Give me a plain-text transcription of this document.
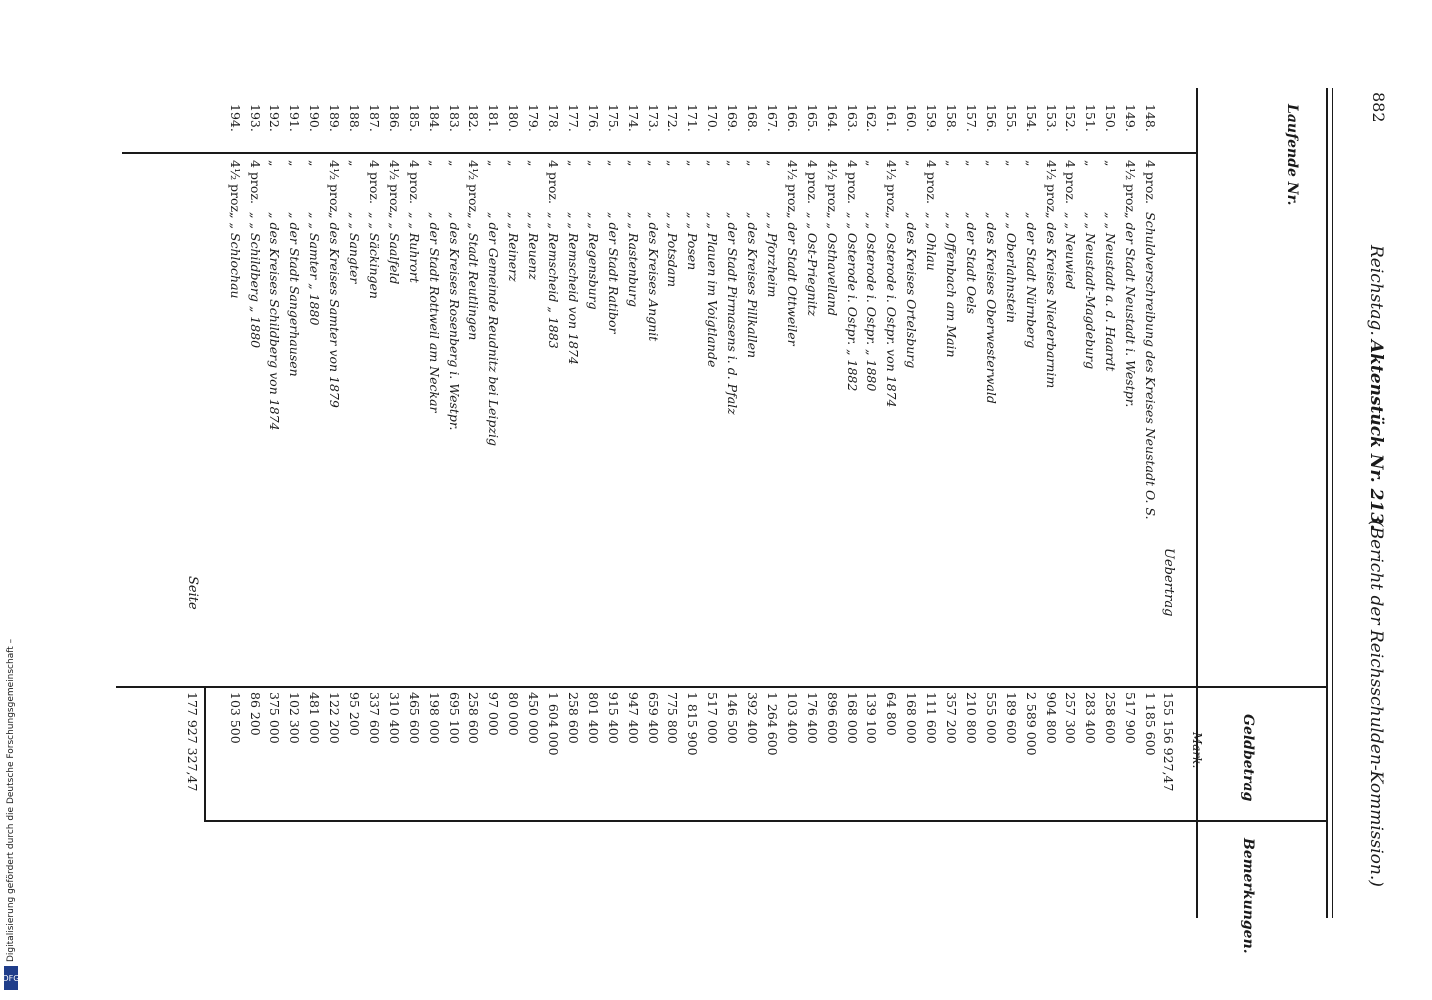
Digitalisierung gefördert durch die Deutsche Forschungsgemeinschaft –
DFG
882
Reichstag.
Aktenstück Nr. 213.
(Bericht der Reichsschulden-Kommission.)
Laufende Nr.
Geldbetrag
Mark.
Bemerkungen.
Uebertrag
155 156 927,47
148.
4 proz.
Schuldverschreibung des Kreises Neustadt O. S.
1 185 600
149.
4½ proz.
„ der Stadt Neustadt i. Westpr.
517 900
150.
„
„ „ Neustadt a. d. Haardt
258 600
151.
„
„ „ Neustadt-Magdeburg
283 400
152.
4 proz.
„ „ Neuwied
257 300
153.
4½ proz.
„ des Kreises Niederbarnim
904 800
154.
„
„ der Stadt Nürnberg
2 589 000
155.
„
„ „ Oberlahnstein
189 600
156.
„
„ des Kreises Oberwesterwald
555 000
157.
„
„ der Stadt Oels
210 800
158.
„
„ „ Offenbach am Main
357 200
159.
4 proz.
„ „ Ohlau
111 600
160.
„
„ des Kreises Ortelsburg
168 000
161.
4½ proz.
„ „ Osterode i. Ostpr. von 1874
64 800
162.
„
„ „ Osterode i. Ostpr. „ 1880
139 100
163.
4 proz.
„ „ Osterode i. Ostpr. „ 1882
168 000
164.
4½ proz.
„ „ Osthavelland
896 600
165.
4 proz.
„ „ Ost-Priegnitz
176 400
166.
4½ proz.
„ der Stadt Ottweiler
103 400
167.
„
„ „ Pforzheim
1 264 600
168.
„
„ des Kreises Pillkallen
392 400
169.
„
„ der Stadt Pirmasens i. d. Pfalz
146 500
170.
„
„ „ Plauen im Voigtlande
517 000
171.
„
„ „ Posen
1 815 900
172.
„
„ „ Potsdam
775 800
173.
„
„ des Kreises Angnit
659 400
174.
„
„ „ Rastenburg
947 400
175.
„
„ der Stadt Ratibor
915 400
176.
„
„ „ Regensburg
801 400
177.
„
„ „ Remscheid von 1874
258 600
178.
4 proz.
„ „ Remscheid „ 1883
1 604 000
179.
„
„ „ Reuenz
450 000
180.
„
„ „ Reinerz
80 000
181.
„
„ der Gemeinde Reudnitz bei Leipzig
97 000
182.
4½ proz.
„ „ Stadt Reutlingen
258 600
183.
„
„ des Kreises Rosenberg i. Westpr.
695 100
184.
„
„ der Stadt Rottweil am Neckar
198 000
185.
4 proz.
„ „ Ruhrort
465 600
186.
4½ proz.
„ „ Saalfeld
310 400
187.
4 proz.
„ „ Säckingen
337 600
188.
„
„ „ Sangter
95 200
189.
4½ proz.
„ des Kreises Samter von 1879
122 200
190.
„
„ „ Samter „ 1880
481 000
191.
„
„ der Stadt Sangerhausen
102 300
192.
„
„ des Kreises Schildberg von 1874
375 000
193.
4 proz.
„ „ Schildberg „ 1880
86 200
194.
4½ proz.
„ „ Schlochau
103 500
Seite
177 927 327,47
